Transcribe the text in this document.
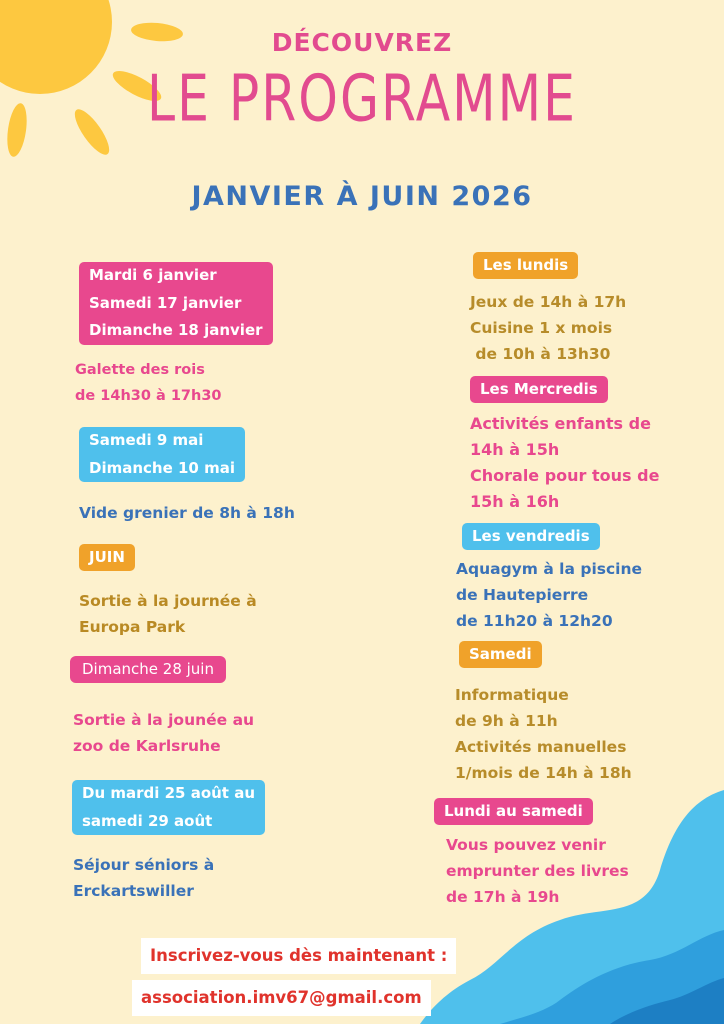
DÉCOUVREZ
LE PROGRAMME
JANVIER À JUIN 2026
Mardi 6 janvier
Samedi 17 janvier
Dimanche 18 janvier
Galette des rois
de 14h30 à 17h30
Samedi 9 mai
Dimanche 10 mai
Vide grenier de 8h à 18h
JUIN
Sortie à la journée à
Europa Park
Dimanche 28 juin
Sortie à la jounée au
zoo de Karlsruhe
Du mardi 25 août au
samedi 29 août
Séjour séniors à
Erckartswiller
Les lundis
Jeux de 14h à 17h
Cuisine 1 x mois
de 10h à 13h30
Les Mercredis
Activités enfants de
14h à 15h
Chorale pour tous de
15h à 16h
Les vendredis
Aquagym à la piscine
de Hautepierre
de 11h20 à 12h20
Samedi
Informatique
de 9h à 11h
Activités manuelles
1/mois de 14h à 18h
Lundi au samedi
Vous pouvez venir
emprunter des livres
de 17h à 19h
Inscrivez-vous dès maintenant :
association.imv67@gmail.com
